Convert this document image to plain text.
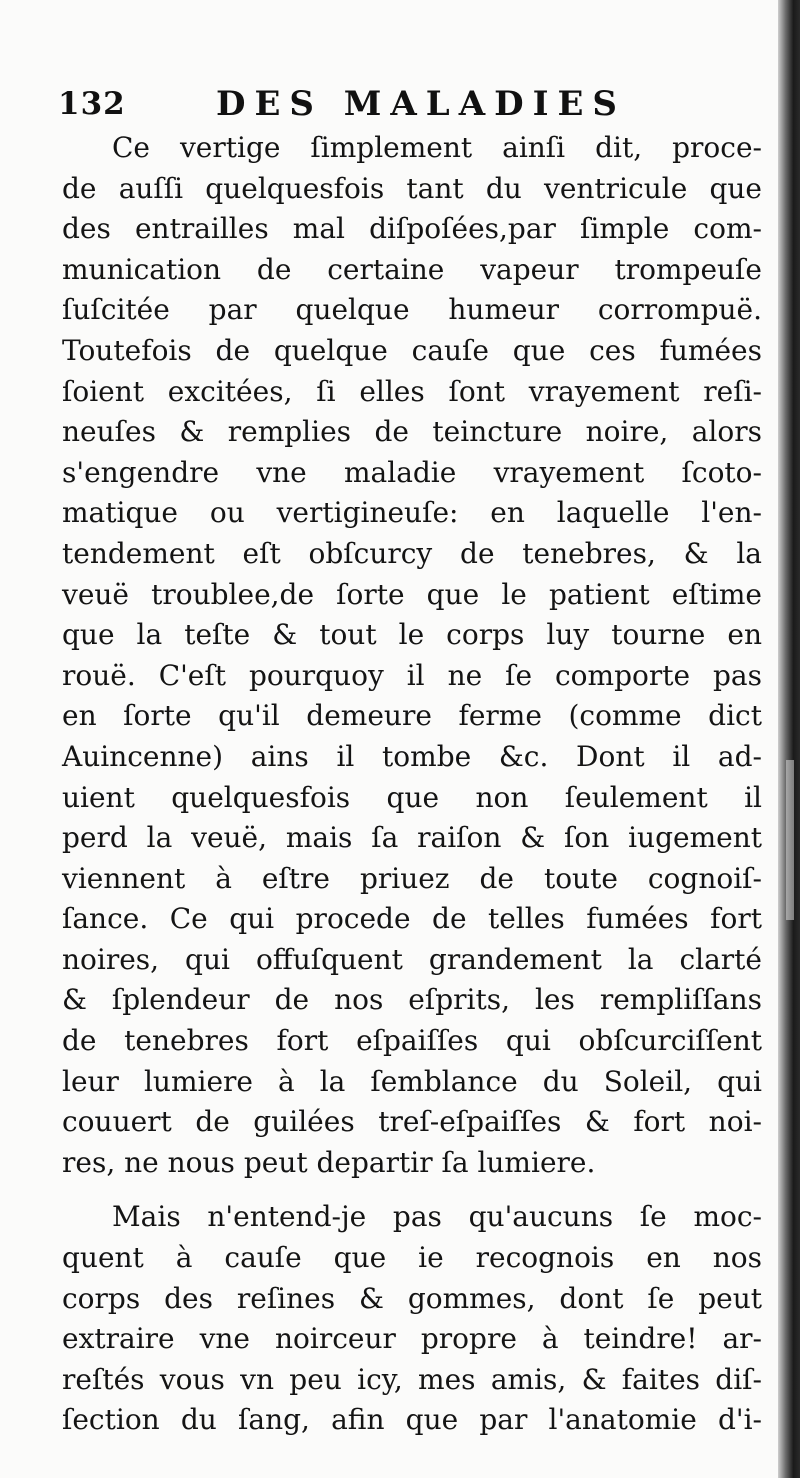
132	DES MALADIES
Ce vertige ſimplement ainſi dit, proce-
de auſſi quelquesfois tant du ventricule que
des entrailles mal diſpoſées,par ſimple com-
munication de certaine vapeur trompeuſe
ſuſcitée par quelque humeur corrompuë.
Toutefois de quelque cauſe que ces fumées
ſoient excitées, ſi elles ſont vrayement reſi-
neuſes & remplies de teincture noire, alors
s'engendre vne maladie vrayement ſcoto-
matique ou vertigineuſe: en laquelle l'en-
tendement eſt obſcurcy de tenebres, & la
veuë troublee,de ſorte que le patient eſtime
que la teſte & tout le corps luy tourne en
rouë. C'eſt pourquoy il ne ſe comporte pas
en ſorte qu'il demeure ferme (comme dict
Auincenne) ains il tombe &c. Dont il ad-
uient quelquesfois que non ſeulement il
perd la veuë, mais ſa raiſon & ſon iugement
viennent à eſtre priuez de toute cognoiſ-
ſance. Ce qui procede de telles fumées fort
noires, qui offuſquent grandement la clarté
& ſplendeur de nos eſprits, les rempliſſans
de tenebres fort eſpaiſſes qui obſcurciſſent
leur lumiere à la ſemblance du Soleil, qui
couuert de guilées treſ-eſpaiſſes & fort noi-
res, ne nous peut departir ſa lumiere.
Mais n'entend-je pas qu'aucuns ſe moc-
quent à cauſe que ie recognois en nos
corps des reſines & gommes, dont ſe peut
extraire vne noirceur propre à teindre! ar-
reſtés vous vn peu icy, mes amis, & faites diſ-
ſection du ſang, afin que par l'anatomie d'i-
